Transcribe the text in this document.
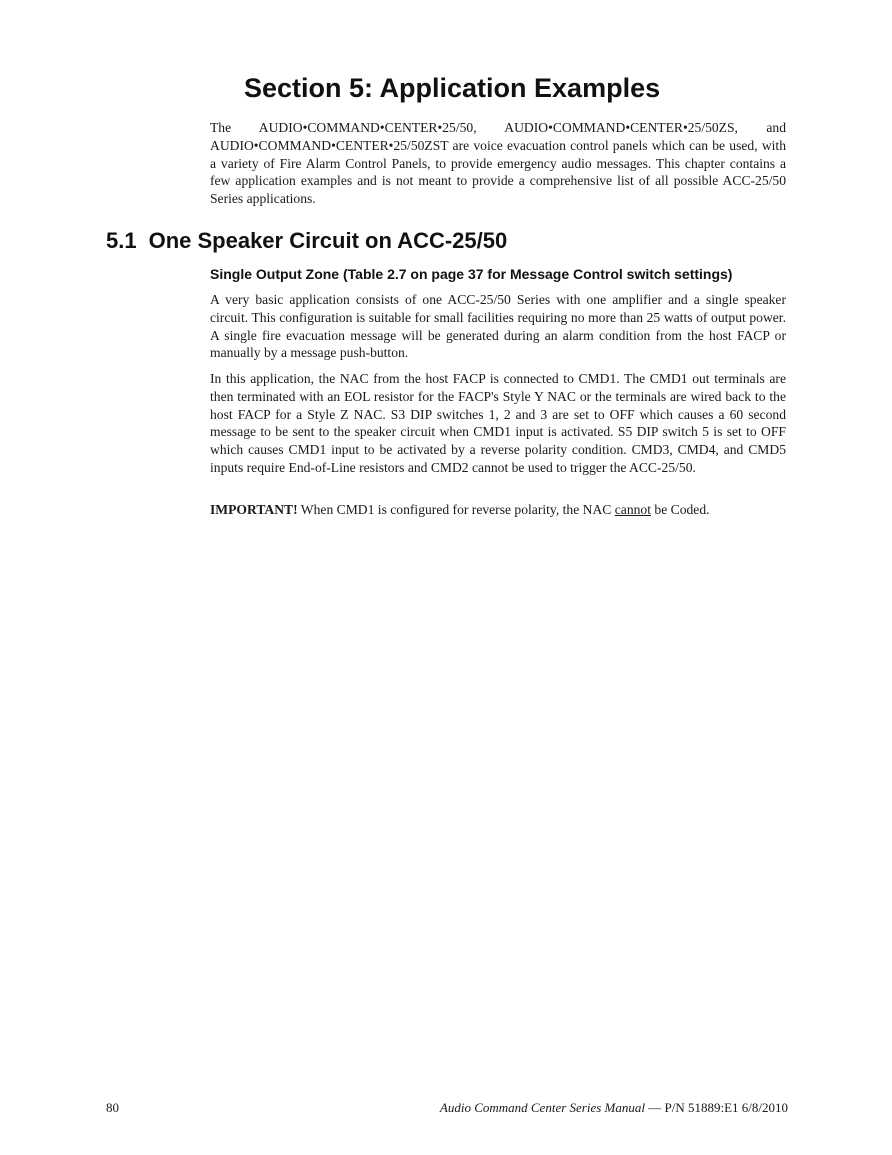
Section 5: Application Examples

The AUDIO•COMMAND•CENTER•25/50, AUDIO•COMMAND•CENTER•25/50ZS, and AUDIO•COMMAND•CENTER•25/50ZST are voice evacuation control panels which can be used, with a variety of Fire Alarm Control Panels, to provide emergency audio messages. This chapter contains a few application examples and is not meant to provide a comprehensive list of all possible ACC-25/50 Series applications.

5.1 One Speaker Circuit on ACC-25/50
Single Output Zone (Table 2.7 on page 37 for Message Control switch settings)

A very basic application consists of one ACC-25/50 Series with one amplifier and a single speaker circuit. This configuration is suitable for small facilities requiring no more than 25 watts of output power. A single fire evacuation message will be generated during an alarm condition from the host FACP or manually by a message push-button.

In this application, the NAC from the host FACP is connected to CMD1. The CMD1 out terminals are then terminated with an EOL resistor for the FACP's Style Y NAC or the terminals are wired back to the host FACP for a Style Z NAC. S3 DIP switches 1, 2 and 3 are set to OFF which causes a 60 second message to be sent to the speaker circuit when CMD1 input is activated. S5 DIP switch 5 is set to OFF which causes CMD1 input to be activated by a reverse polarity condition. CMD3, CMD4, and CMD5 inputs require End-of-Line resistors and CMD2 cannot be used to trigger the ACC-25/50.

IMPORTANT! When CMD1 is configured for reverse polarity, the NAC cannot be Coded.

80	Audio Command Center Series Manual — P/N 51889:E1 6/8/2010
